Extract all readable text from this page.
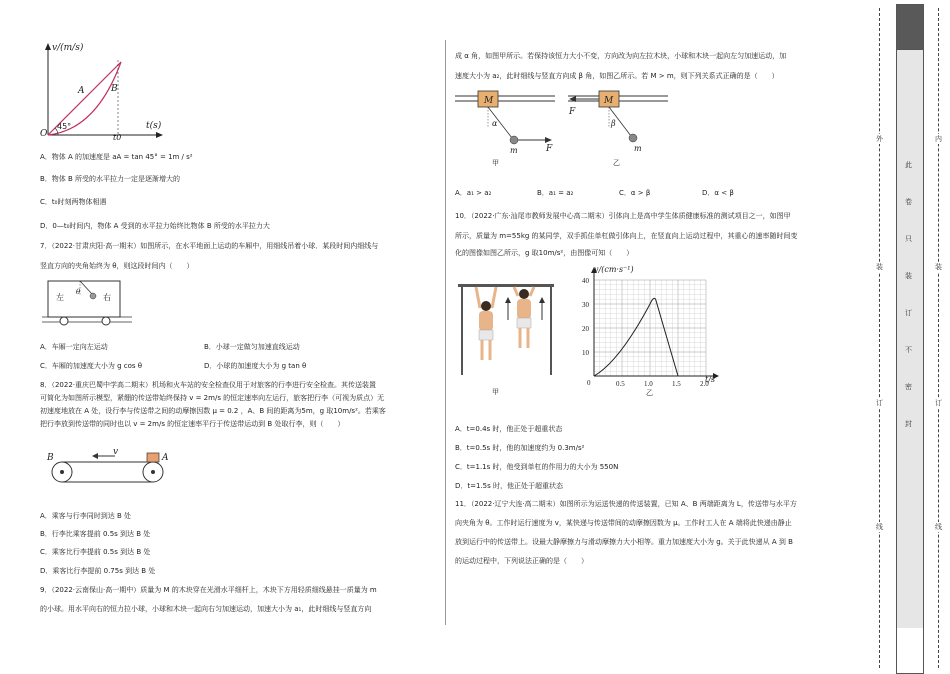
v/(m/s)
t(s)
A	B
45°
O	t0
A．物体 A 的加速度是 aA = tan 45° = 1m / s²
B．物体 B 所受的水平拉力一定是逐渐增大的
C．t₀时刻两物体相遇
D．0—t₀时间内，物体 A 受到的水平拉力始终比物体 B 所受的水平拉力大
7．（2022·甘肃庆阳·高一期末）如图所示，在水平地面上运动的车厢中，用细线吊着小球．某段时间内细线与
竖直方向的夹角始终为 θ，则这段时间内（　　）
左	右
θ
A．车厢一定向左运动	B．小球一定做匀加速直线运动
C．车厢的加速度大小为 g cos θ	D．小球的加速度大小为 g tan θ
8．（2022·重庆巴蜀中学高二期末）机场和火车站的安全检查仪用于对旅客的行李进行安全检查。其传送装置
可简化为如图所示模型，紧绷的传送带始终保持 v = 2m/s 的恒定速率向左运行，旅客把行李（可视为质点）无
初速度地放在 A 处，设行李与传送带之间的动摩擦因数 μ = 0.2 ，A、B 间的距离为5m，g 取10m/s²。若乘客
把行李放到传送带的同时也以 v = 2m/s 的恒定速率平行于传送带运动到 B 处取行李，则（　　）
B	A
v
A．乘客与行李同时到达 B 处
B．行李比乘客提前 0.5s 到达 B 处
C．乘客比行李提前 0.5s 到达 B 处
D．乘客比行李提前 0.75s 到达 B 处
9．（2022·云南保山·高一期中）质量为 M 的木块穿在光滑水平细杆上，木块下方用轻质细线悬挂一质量为 m
的小球。用水平向右的恒力拉小球，小球和木块一起向右匀加速运动，加速大小为 a₁，此时细线与竖直方向
成 α 角，如图甲所示。若保持该恒力大小不变，方向改为向左拉木块，小球和木块一起向左匀加速运动，加
速度大小为 a₂，此时细线与竖直方向成 β 角，如图乙所示。若 M > m，则下列关系式正确的是（　　）
M
α
m	F
甲
M
F
β
m
乙
A．a₁ > a₂	B．a₁ = a₂	C．α > β	D．α < β
10．（2022·广东·汕尾市教师发展中心高二期末）引体向上是高中学生体质健康标准的测试项目之一，如图甲
所示，质量为 m=55kg 的某同学，双手抓住单杠做引体向上，在竖直向上运动过程中，其重心的速率随时间变
化的图像如图乙所示，g 取10m/s²，由图像可知（　　）
甲
0.5	1.0	1.5	2.0
10
20
30
40
0
v/(cm·s⁻¹)
t/s
乙
A．t=0.4s 时，他正处于超重状态
B．t=0.5s 时，他的加速度约为 0.3m/s²
C．t=1.1s 时，他受到单杠的作用力的大小为 550N
D．t=1.5s 时，他正处于超重状态
11．（2022·辽宁大连·高二期末）如图所示为运送快递的传送装置，已知 A、B 两端距离为 L，传送带与水平方
向夹角为 θ。工作时运行速度为 v，某快递与传送带间的动摩擦因数为 μ。工作时工人在 A 端将此快递由静止
放到运行中的传送带上。设最大静摩擦力与滑动摩擦力大小相等。重力加速度大小为 g。关于此快递从 A 到 B
的运动过程中，下列说法正确的是（　　）
外
装
订
线
内
装
订
线
此
卷
只
装
订
不
密
封
